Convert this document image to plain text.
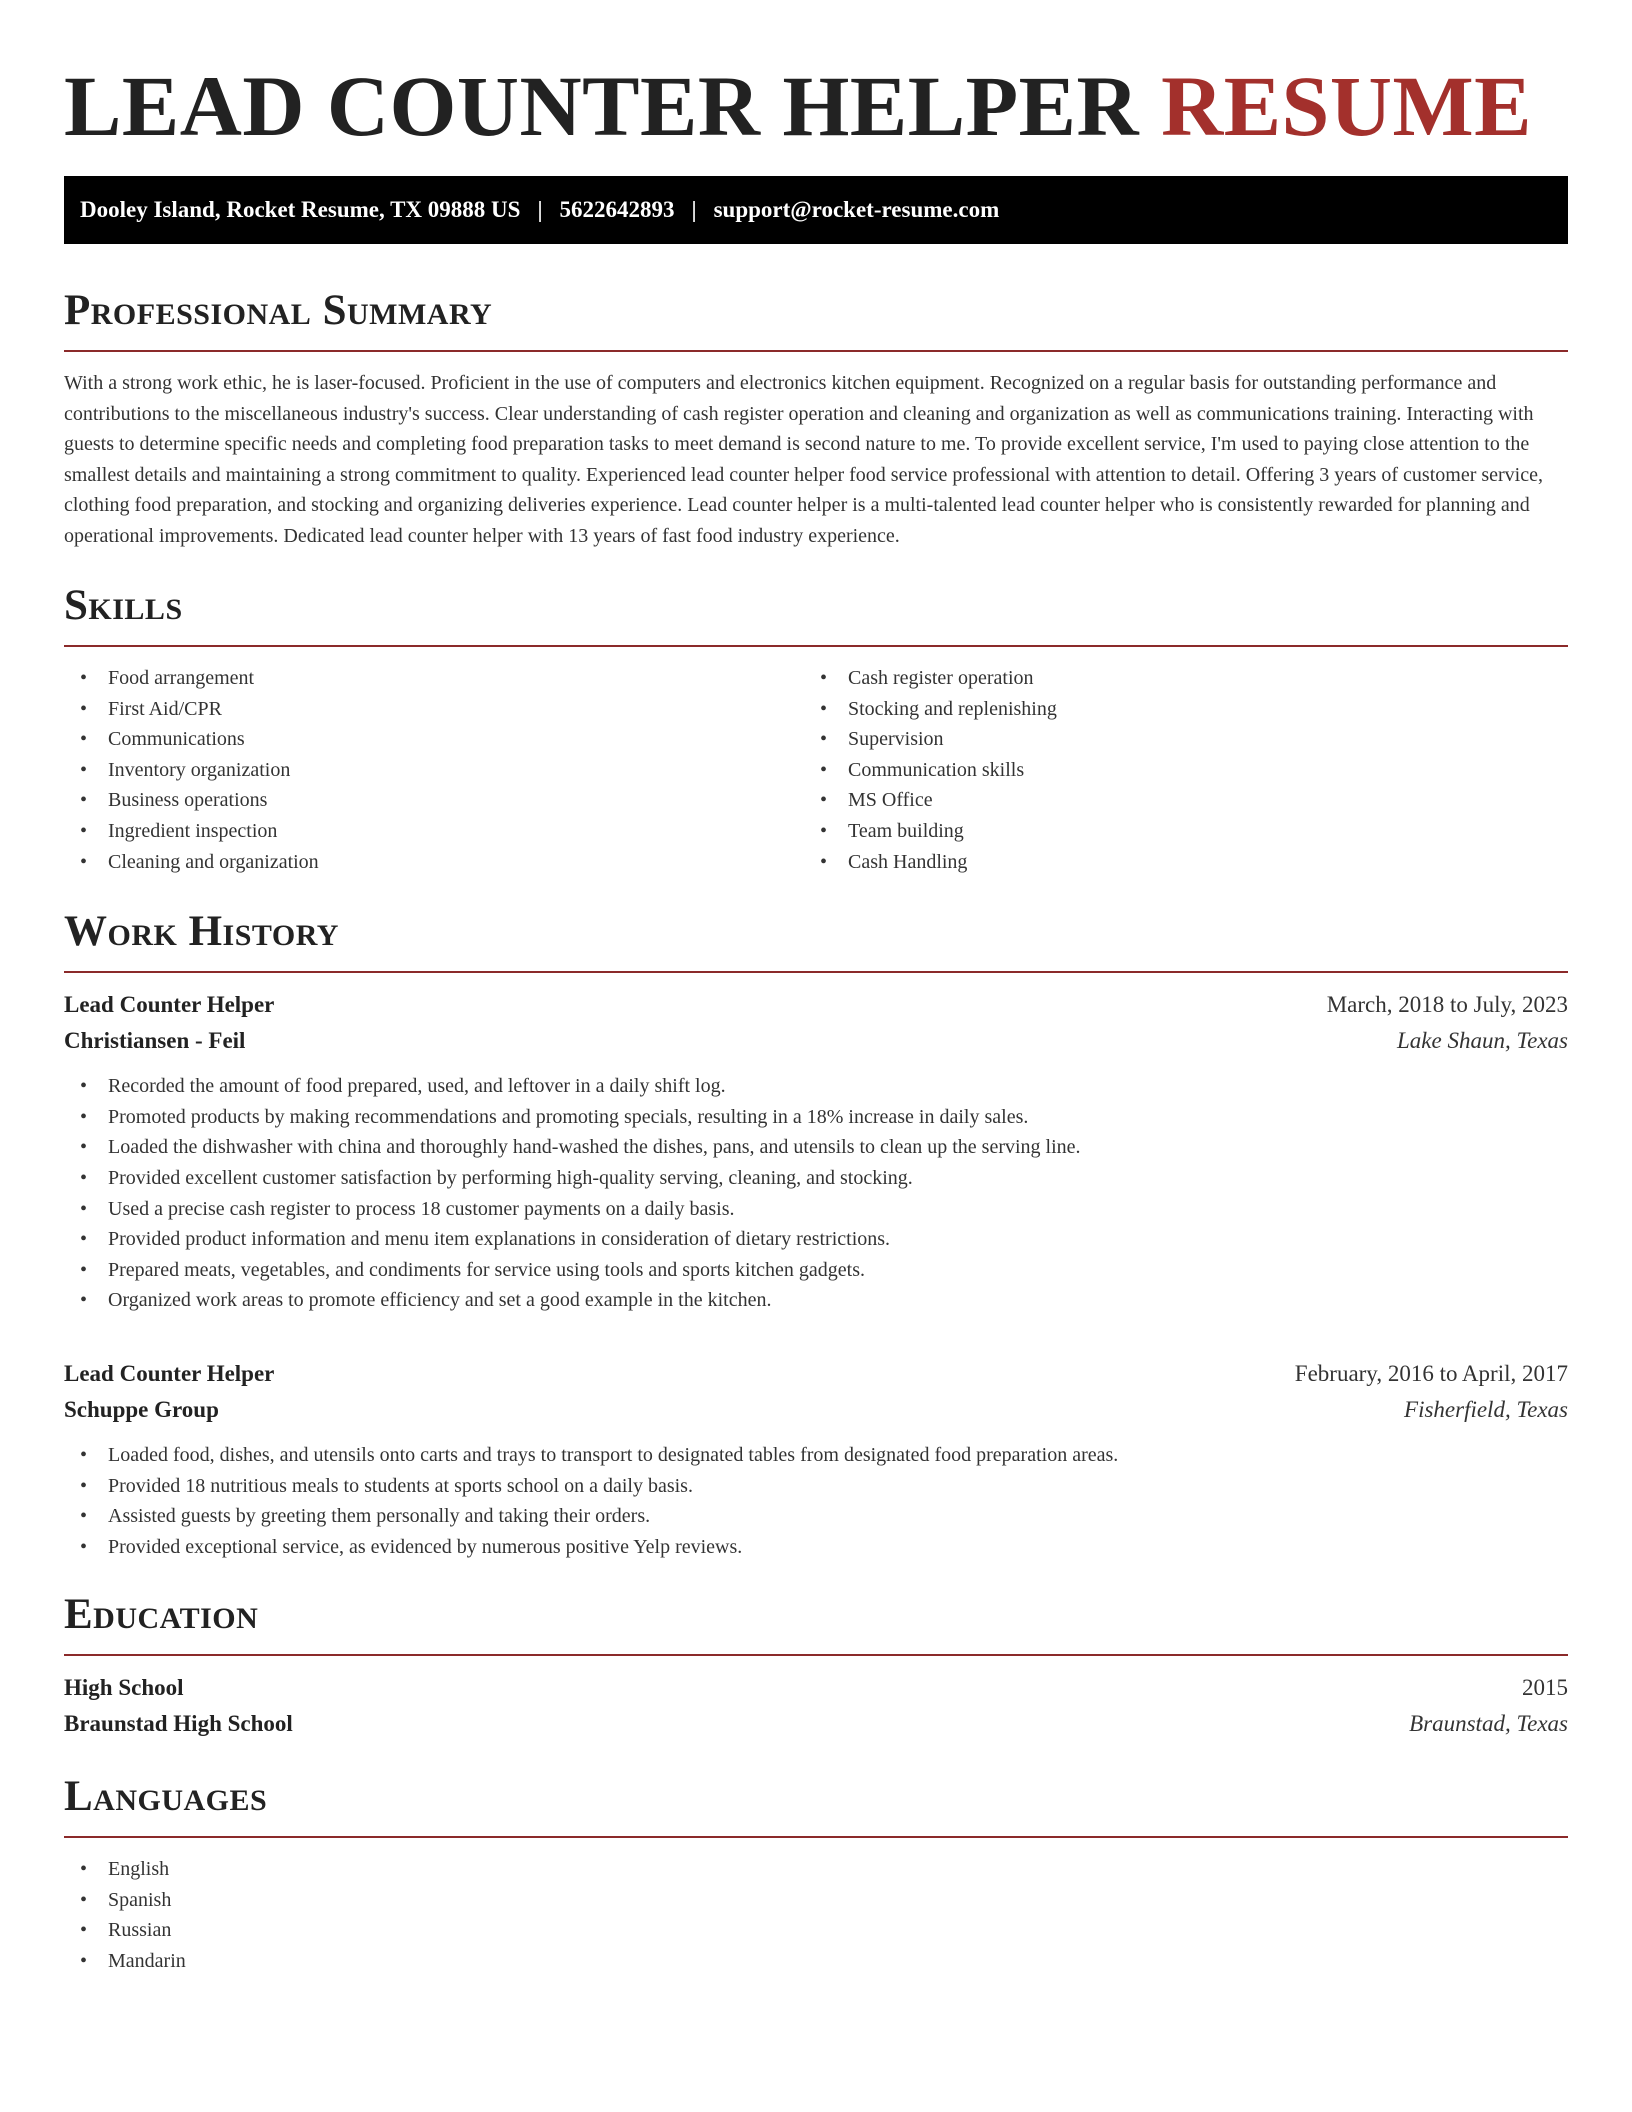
LEAD COUNTER HELPER RESUME
Dooley Island, Rocket Resume, TX 09888 US | 5622642893 | support@rocket-resume.com
Professional Summary

With a strong work ethic, he is laser-focused. Proficient in the use of computers and electronics kitchen equipment. Recognized on a regular basis for outstanding performance and contributions to the miscellaneous industry's success. Clear understanding of cash register operation and cleaning and organization as well as communications training. Interacting with guests to determine specific needs and completing food preparation tasks to meet demand is second nature to me. To provide excellent service, I'm used to paying close attention to the smallest details and maintaining a strong commitment to quality. Experienced lead counter helper food service professional with attention to detail. Offering 3 years of customer service, clothing food preparation, and stocking and organizing deliveries experience. Lead counter helper is a multi-talented lead counter helper who is consistently rewarded for planning and operational improvements. Dedicated lead counter helper with 13 years of fast food industry experience.

Skills
• Food arrangement
• First Aid/CPR
• Communications
• Inventory organization
• Business operations
• Ingredient inspection
• Cleaning and organization
• Cash register operation
• Stocking and replenishing
• Supervision
• Communication skills
• MS Office
• Team building
• Cash Handling
Work History
Lead Counter Helper	March, 2018 to July, 2023
Christiansen - Feil	Lake Shaun, Texas
• Recorded the amount of food prepared, used, and leftover in a daily shift log.
• Promoted products by making recommendations and promoting specials, resulting in a 18% increase in daily sales.
• Loaded the dishwasher with china and thoroughly hand-washed the dishes, pans, and utensils to clean up the serving line.
• Provided excellent customer satisfaction by performing high-quality serving, cleaning, and stocking.
• Used a precise cash register to process 18 customer payments on a daily basis.
• Provided product information and menu item explanations in consideration of dietary restrictions.
• Prepared meats, vegetables, and condiments for service using tools and sports kitchen gadgets.
• Organized work areas to promote efficiency and set a good example in the kitchen.
Lead Counter Helper	February, 2016 to April, 2017
Schuppe Group	Fisherfield, Texas
• Loaded food, dishes, and utensils onto carts and trays to transport to designated tables from designated food preparation areas.
• Provided 18 nutritious meals to students at sports school on a daily basis.
• Assisted guests by greeting them personally and taking their orders.
• Provided exceptional service, as evidenced by numerous positive Yelp reviews.
Education
High School	2015
Braunstad High School	Braunstad, Texas
Languages
• English
• Spanish
• Russian
• Mandarin
